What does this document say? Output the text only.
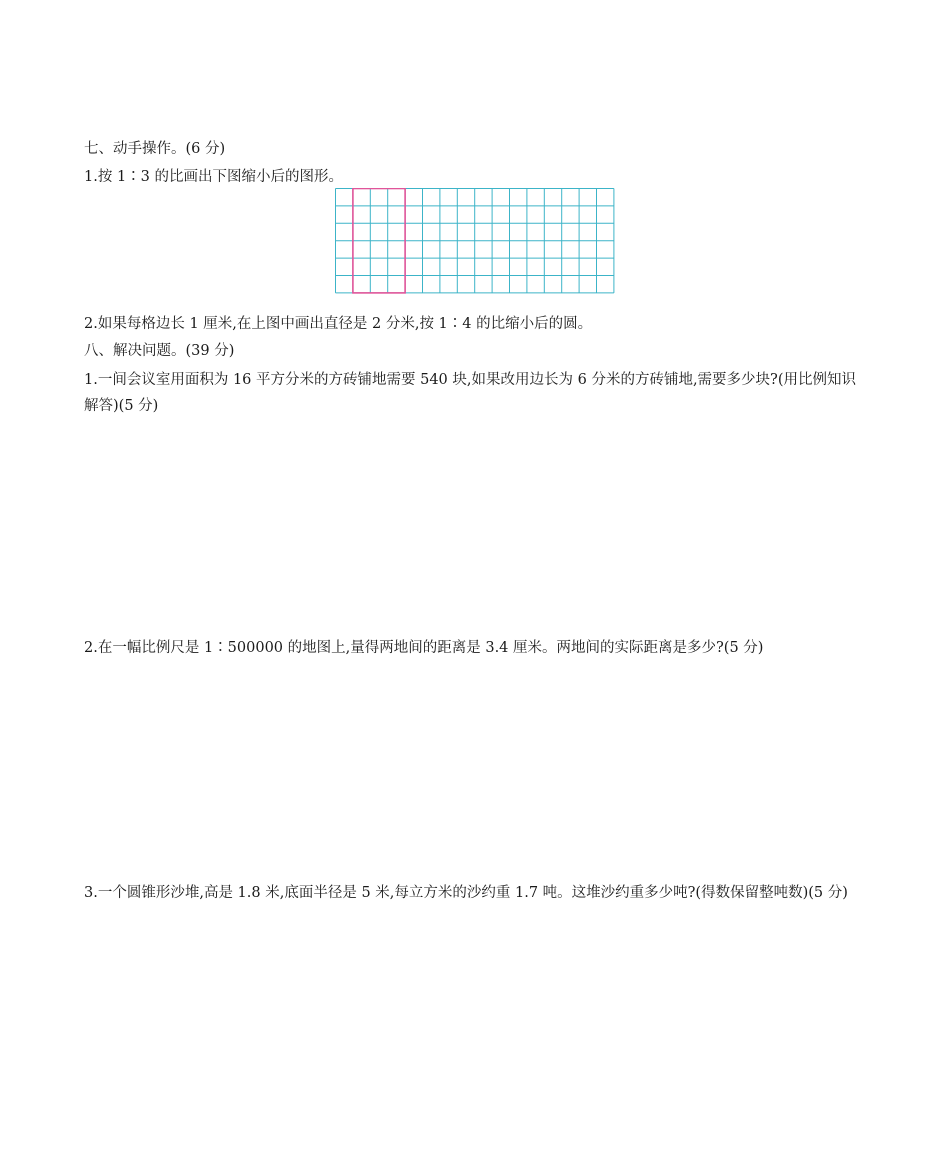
七、动手操作。(6 分)
1.按 1∶3 的比画出下图缩小后的图形。
2.如果每格边长 1 厘米,在上图中画出直径是 2 分米,按 1∶4 的比缩小后的圆。
八、解决问题。(39 分)
1.一间会议室用面积为 16 平方分米的方砖铺地需要 540 块,如果改用边长为 6 分米的方砖铺地,需要多少块?(用比例知识解答)(5 分)
2.在一幅比例尺是 1∶500000 的地图上,量得两地间的距离是 3.4 厘米。两地间的实际距离是多少?(5 分)
3.一个圆锥形沙堆,高是 1.8 米,底面半径是 5 米,每立方米的沙约重 1.7 吨。这堆沙约重多少吨?(得数保留整吨数)(5 分)
